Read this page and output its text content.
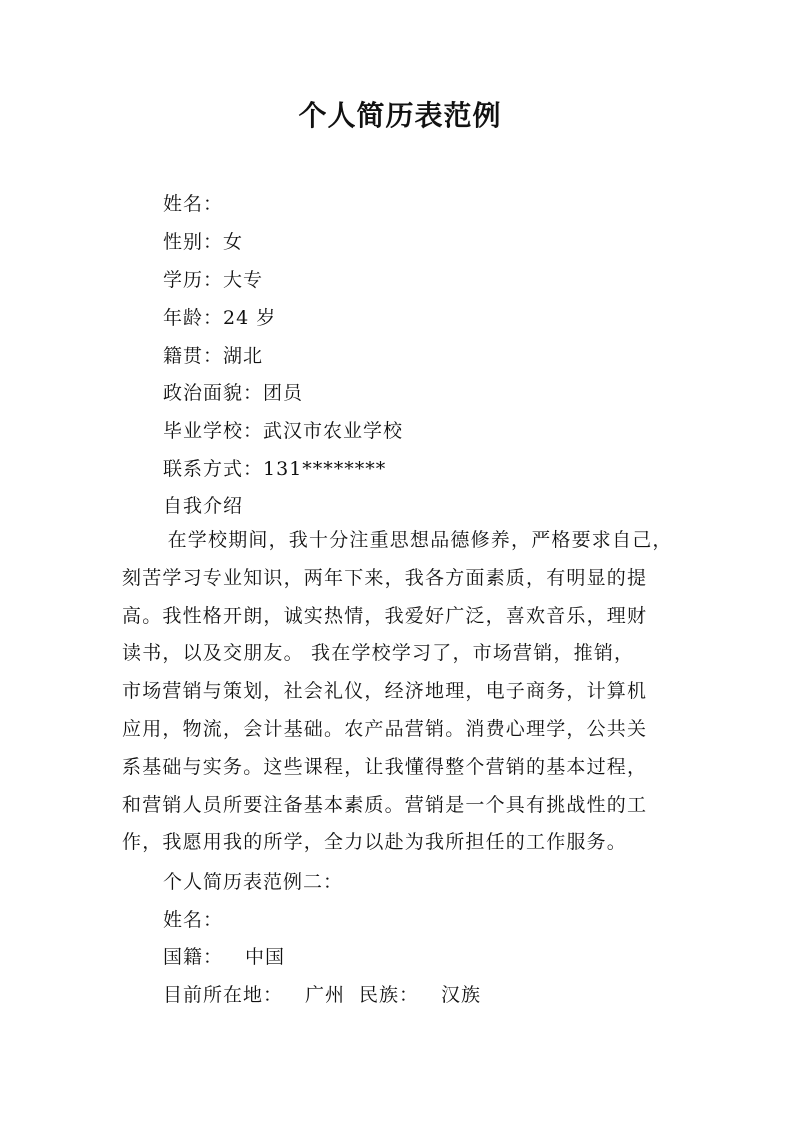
个人简历表范例
姓名：
性别：女
学历：大专
年龄：24 岁
籍贯：湖北
政治面貌：团员
毕业学校：武汉市农业学校
联系方式：131********
自我介绍
在学校期间，我十分注重思想品德修养，严格要求自己，
刻苦学习专业知识，两年下来，我各方面素质，有明显的提
高。我性格开朗，诚实热情，我爱好广泛，喜欢音乐，理财
读书，以及交朋友。 我在学校学习了，市场营销，推销，
市场营销与策划，社会礼仪，经济地理，电子商务，计算机
应用，物流，会计基础。农产品营销。消费心理学，公共关
系基础与实务。这些课程，让我懂得整个营销的基本过程，
和营销人员所要注备基本素质。营销是一个具有挑战性的工
作，我愿用我的所学，全力以赴为我所担任的工作服务。
个人简历表范例二：
姓名：
国籍： 中国
目前所在地： 广州 民族： 汉族
